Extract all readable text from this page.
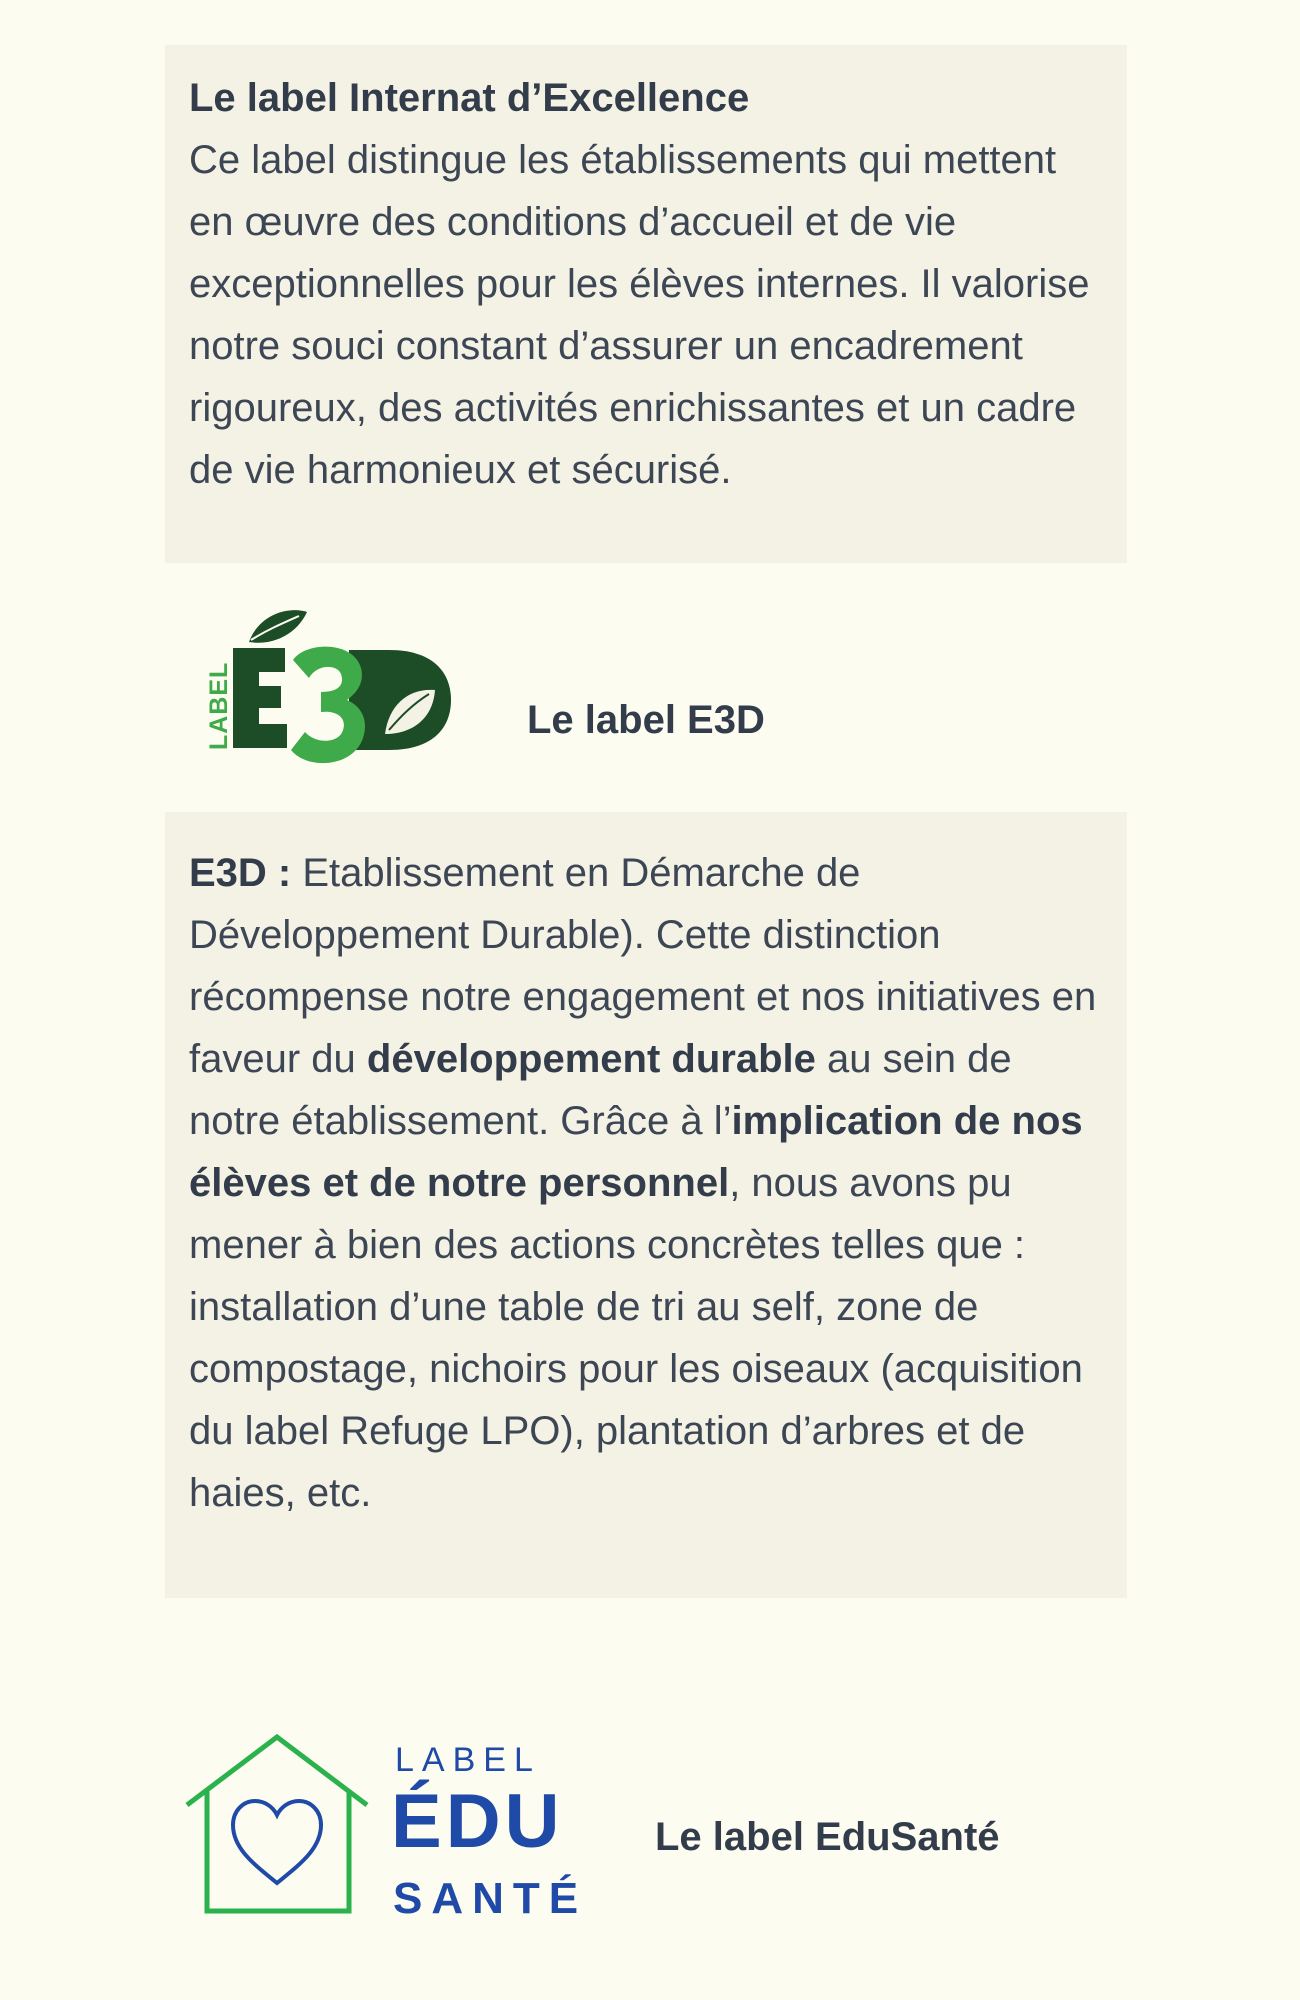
Le label Internat d’Excellence
Ce label distingue les établissements qui mettent en œuvre des conditions d’accueil et de vie exceptionnelles pour les élèves internes. Il valorise notre souci constant d’assurer un encadrement rigoureux, des activités enrichissantes et un cadre de vie harmonieux et sécurisé.
LABEL	Le label E3D
E3D : Etablissement en Démarche de Développement Durable). Cette distinction récompense notre engagement et nos initiatives en faveur du développement durable au sein de notre établissement. Grâce à l’implication de nos élèves et de notre personnel, nous avons pu mener à bien des actions concrètes telles que : installation d’une table de tri au self, zone de compostage, nichoirs pour les oiseaux (acquisition du label Refuge LPO), plantation d’arbres et de haies, etc.
LABEL
ÉDU
SANTÉ
Le label EduSanté
